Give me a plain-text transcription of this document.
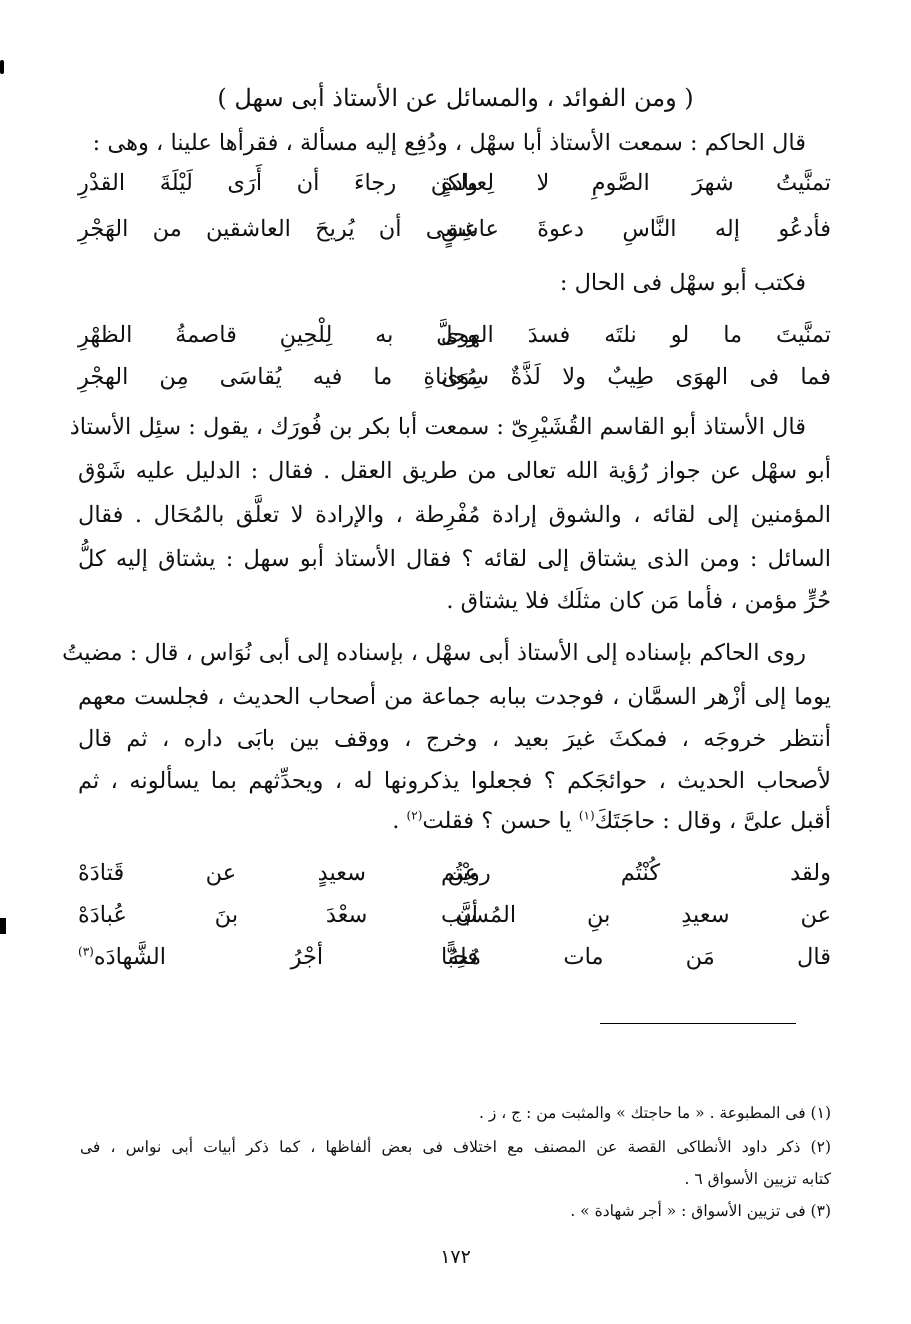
( ومن الفوائد ، والمسائل عن الأستاذ أبى سهل )
قال الحاكم : سمعت الأستاذ أبا سهْل ، ودُفِع إليه مسألة ، فقرأها علينا ، وهى :
تمنَّيتُ شهرَ الصَّومِ لا لِعبادةٍ
ولكن رجاءَ أن أَرَى لَيْلَةَ القدْرِ
فأدعُو إله النَّاسِ دعوةَ عاشِقٍ
عسى أن يُريحَ العاشقين من الهَجْرِ
فكتب أبو سهْل فى الحال :
تمنَّيتَ ما لو نلتَه فسدَ الهوى
وحلَّ به لِلْحِينِ قاصمةُ الظهْرِ
فما فى الهوَى طِيبٌ ولا لَذَّةٌ سِوَى
مُعاناةِ ما فيه يُقاسَى مِن الهجْرِ
قال الأستاذ أبو القاسم القُشَيْرِىّ : سمعت أبا بكر بن فُورَك ، يقول : سئِل الأستاذ
أبو سهْل عن جواز رُؤية الله تعالى من طريق العقل . فقال : الدليل عليه شَوْق
المؤمنين إلى لقائه ، والشوق إرادة مُفْرِطة ، والإرادة لا تعلَّق بالمُحَال . فقال
السائل : ومن الذى يشتاق إلى لقائه ؟ فقال الأستاذ أبو سهل : يشتاق إليه كلُّ
حُرٍّ مؤمن ، فأما مَن كان مثلَك فلا يشتاق .
روى الحاكم بإسناده إلى الأستاذ أبى سهْل ، بإسناده إلى أبى نُوَاس ، قال : مضيتُ
يوما إلى أزْهر السمَّان ، فوجدت ببابه جماعة من أصحاب الحديث ، فجلست معهم
أنتظر خروجَه ، فمكثَ غيرَ بعيد ، وخرج ، ووقف بين بابَى داره ، ثم قال
لأصحاب الحديث ، حوائجَكم ؟ فجعلوا يذكرونها له ، ويحدِّثهم بما يسألونه ، ثم
أقبل علىَّ ، وقال : حاجَتَكَ$^{(١)}$ يا حسن ؟ فقلت$^{(٢)}$ .
ولقد كُنْتُم رويْتُم
عن سعيدٍ عن قَتادَهْ
عن سعيدِ بنِ المُسيَّب
أن سعْدَ بنَ عُبادَهْ
قال مَن مات مُحِبًّا
فلهُ أجْرُ الشَّهادَه$^{(٣)}$
(١) فى المطبوعة . « ما حاجتك » والمثبت من : ج ، ز .
(٢) ذكر داود الأنطاكى القصة عن المصنف مع اختلاف فى بعض ألفاظها ، كما ذكر أبيات أبى نواس ، فى
كتابه تزيين الأسواق ٦ .
(٣) فى تزيين الأسواق : « أجر شهادة » .
١٧٢
